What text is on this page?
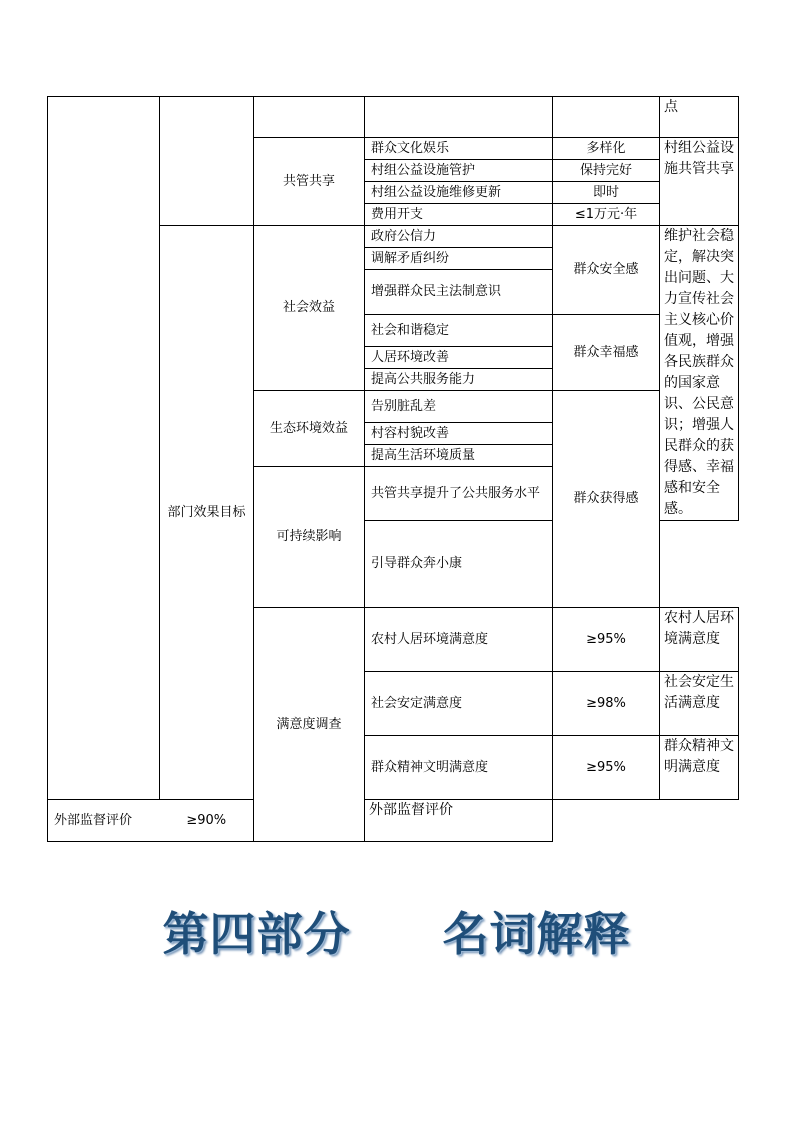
					点
		共管共享	群众文化娱乐	多样化	村组公益设施共管共享
			村组公益设施管护	保持完好	
			村组公益设施维修更新	即时	
			费用开支	≤1万元·年	
	部门效果目标	社会效益	政府公信力	群众安全感	维护社会稳定，解决突出问题、大力宣传社会主义核心价值观，增强各民族群众的国家意识、公民意识；增强人民群众的获得感、幸福感和安全感。
			调解矛盾纠纷		
			增强群众民主法制意识		
			社会和谐稳定	群众幸福感	
			人居环境改善		
			提高公共服务能力		
		生态环境效益	告别脏乱差	群众获得感	
			村容村貌改善		
			提高生活环境质量		
		可持续影响	共管共享提升了公共服务水平		
			引导群众奔小康		
		满意度调查	农村人居环境满意度	≥95%	农村人居环境满意度
			社会安定满意度	≥98%	社会安定生活满意度
			群众精神文明满意度	≥95%	群众精神文明满意度
外部监督评价	≥90%		外部监督评价		
第四部分 名词解释
